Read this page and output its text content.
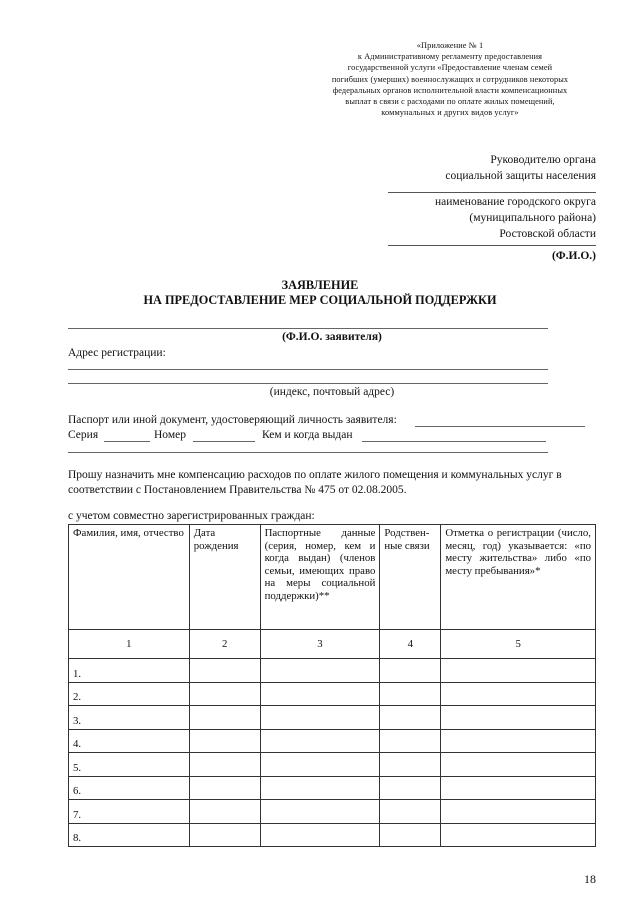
«Приложение № 1
к Административному регламенту предоставления
государственной услуги «Предоставление членам семей
погибших (умерших) военнослужащих и сотрудников некоторых
федеральных органов исполнительной власти компенсационных
выплат в связи с расходами по оплате жилых помещений,
коммунальных и других видов услуг»
Руководителю органа
социальной защиты населения
наименование городского округа
(муниципального района)
Ростовской области
(Ф.И.О.)
ЗАЯВЛЕНИЕ
НА ПРЕДОСТАВЛЕНИЕ МЕР СОЦИАЛЬНОЙ ПОДДЕРЖКИ
(Ф.И.О. заявителя)
Адрес регистрации:
(индекс, почтовый адрес)
Паспорт или иной документ, удостоверяющий личность заявителя:
Серия	Номер	Кем и когда выдан
Прошу назначить мне компенсацию расходов по оплате жилого помещения и коммунальных услуг в
соответствии с Постановлением Правительства № 475 от 02.08.2005.
с учетом совместно зарегистрированных граждан:
Фамилия, имя, отчество	Дата рождения	Паспортные данные (серия, номер, кем и когда выдан) (членов семьи, имеющих право на меры социальной поддержки)**	Родствен-ные связи	Отметка о регистрации (число, месяц, год) указывается: «по месту жительства» либо «по месту пребывания»*
1	2	3	4	5
1.				
2.				
3.				
4.				
5.				
6.				
7.				
8.				
18
